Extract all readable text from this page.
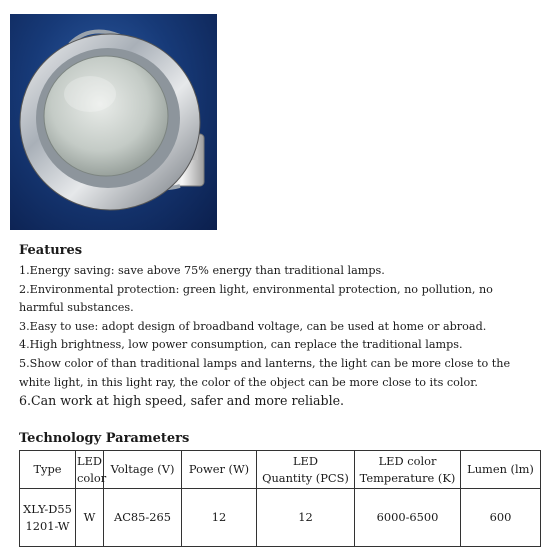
Features
1.Energy saving: save above 75% energy than traditional lamps.
2.Environmental protection: green light, environmental protection, no pollution, no harmful substances.
3.Easy to use: adopt design of broadband voltage, can be used at home or abroad.
4.High brightness, low power consumption, can replace the traditional lamps.
5.Show color of than traditional lamps and lanterns, the light can be more close to the white light, in this light ray, the color of the object can be more close to its color.
6.Can work at high speed, safer and more reliable.
Technology Parameters
Type	LED color	Voltage (V)	Power (W)	LED Quantity (PCS)	LED color Temperature (K)	Lumen (lm)
XLY-D551201-W	W	AC85-265	12	12	6000-6500	600
